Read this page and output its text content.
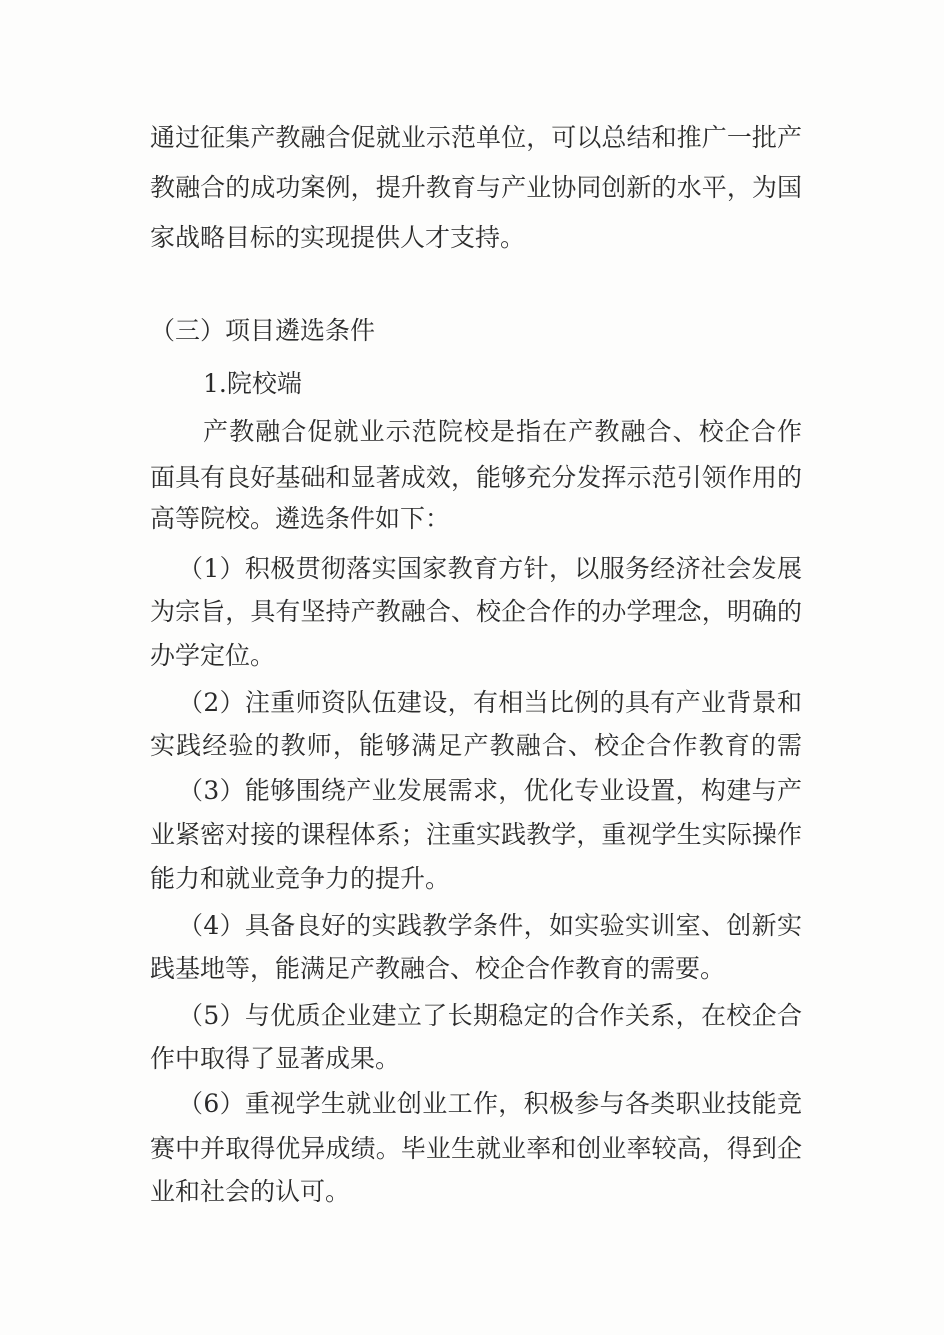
通过征集产教融合促就业示范单位，可以总结和推广一批产
教融合的成功案例，提升教育与产业协同创新的水平，为国
家战略目标的实现提供人才支持。
（三）项目遴选条件
1.院校端
产教融合促就业示范院校是指在产教融合、校企合作
面具有良好基础和显著成效，能够充分发挥示范引领作用的
高等院校。遴选条件如下：
（1）积极贯彻落实国家教育方针，以服务经济社会发展
为宗旨，具有坚持产教融合、校企合作的办学理念，明确的
办学定位。
（2）注重师资队伍建设，有相当比例的具有产业背景和
实践经验的教师，能够满足产教融合、校企合作教育的需
（3）能够围绕产业发展需求，优化专业设置，构建与产
业紧密对接的课程体系；注重实践教学，重视学生实际操作
能力和就业竞争力的提升。
（4）具备良好的实践教学条件，如实验实训室、创新实
践基地等，能满足产教融合、校企合作教育的需要。
（5）与优质企业建立了长期稳定的合作关系，在校企合
作中取得了显著成果。
（6）重视学生就业创业工作，积极参与各类职业技能竞
赛中并取得优异成绩。毕业生就业率和创业率较高，得到企
业和社会的认可。
